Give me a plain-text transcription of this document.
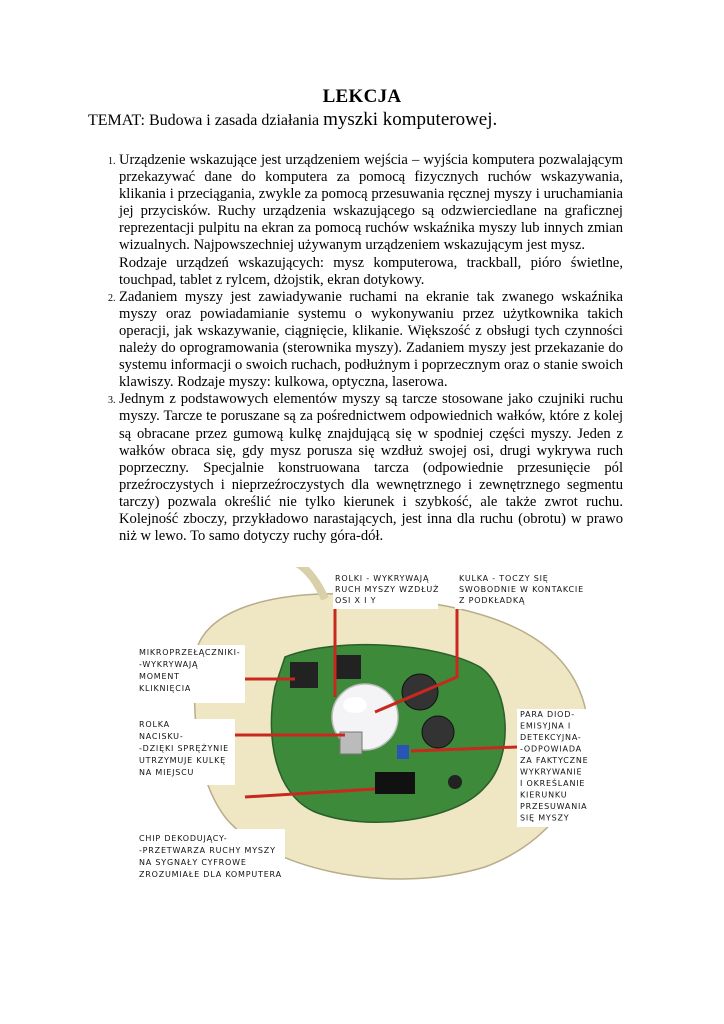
LEKCJA
TEMAT: Budowa i zasada działania myszki komputerowej.
1. Urządzenie wskazujące jest urządzeniem wejścia – wyjścia komputera pozwalającym przekazywać dane do komputera za pomocą fizycznych ruchów wskazywania, klikania i przeciągania, zwykle za pomocą przesuwania ręcznej myszy i uruchamiania jej przycisków. Ruchy urządzenia wskazującego są odzwierciedlane na graficznej reprezentacji pulpitu na ekran za pomocą ruchów wskaźnika myszy lub innych zmian wizualnych. Najpowszechniej używanym urządzeniem wskazującym jest mysz.

Rodzaje urządzeń wskazujących: mysz komputerowa, trackball, pióro świetlne, touchpad, tablet z rylcem, dżojstik, ekran dotykowy.

2. Zadaniem myszy jest zawiadywanie ruchami na ekranie tak zwanego wskaźnika myszy oraz powiadamianie systemu o wykonywaniu przez użytkownika takich operacji, jak wskazywanie, ciągnięcie, klikanie. Większość z obsługi tych czynności należy do oprogramowania (sterownika myszy). Zadaniem myszy jest przekazanie do systemu informacji o swoich ruchach, podłużnym i poprzecznym oraz o stanie swoich klawiszy. Rodzaje myszy: kulkowa, optyczna, laserowa.

3. Jednym z podstawowych elementów myszy są tarcze stosowane jako czujniki ruchu myszy. Tarcze te poruszane są za pośrednictwem odpowiednich wałków, które z kolej są obracane przez gumową kulkę znajdującą się w spodniej części myszy. Jeden z wałków obraca się, gdy mysz porusza się wzdłuż swojej osi, drugi wykrywa ruch poprzeczny. Specjalnie konstruowana tarcza (odpowiednie przesunięcie pól przeźroczystych i nieprzeźroczystych dla wewnętrznego i zewnętrznego segmentu tarczy) pozwala określić nie tylko kierunek i szybkość, ale także zwrot ruchu. Kolejność zboczy, przykładowo narastających, jest inna dla ruchu (obrotu) w prawo niż w lewo. To samo dotyczy ruchy góra-dół.

ROLKI - WYKRYWAJĄ RUCH MYSZY WZDŁUŻ OSI X I Y
KULKA - TOCZY SIĘ SWOBODNIE W KONTAKCIE Z PODKŁADKĄ
MIKROPRZEŁĄCZNIKI- -WYKRYWAJĄ MOMENT KLIKNIĘCIA
ROLKA NACISKU- -DZIĘKI SPRĘŻYNIE UTRZYMUJE KULKĘ NA MIEJSCU
PARA DIOD- EMISYJNA I DETEKCYJNA- -ODPOWIADA ZA FAKTYCZNE WYKRYWANIE I OKREŚLANIE KIERUNKU PRZESUWANIA SIĘ MYSZY
CHIP DEKODUJĄCY- -PRZETWARZA RUCHY MYSZY NA SYGNAŁY CYFROWE ZROZUMIAŁE DLA KOMPUTERA
